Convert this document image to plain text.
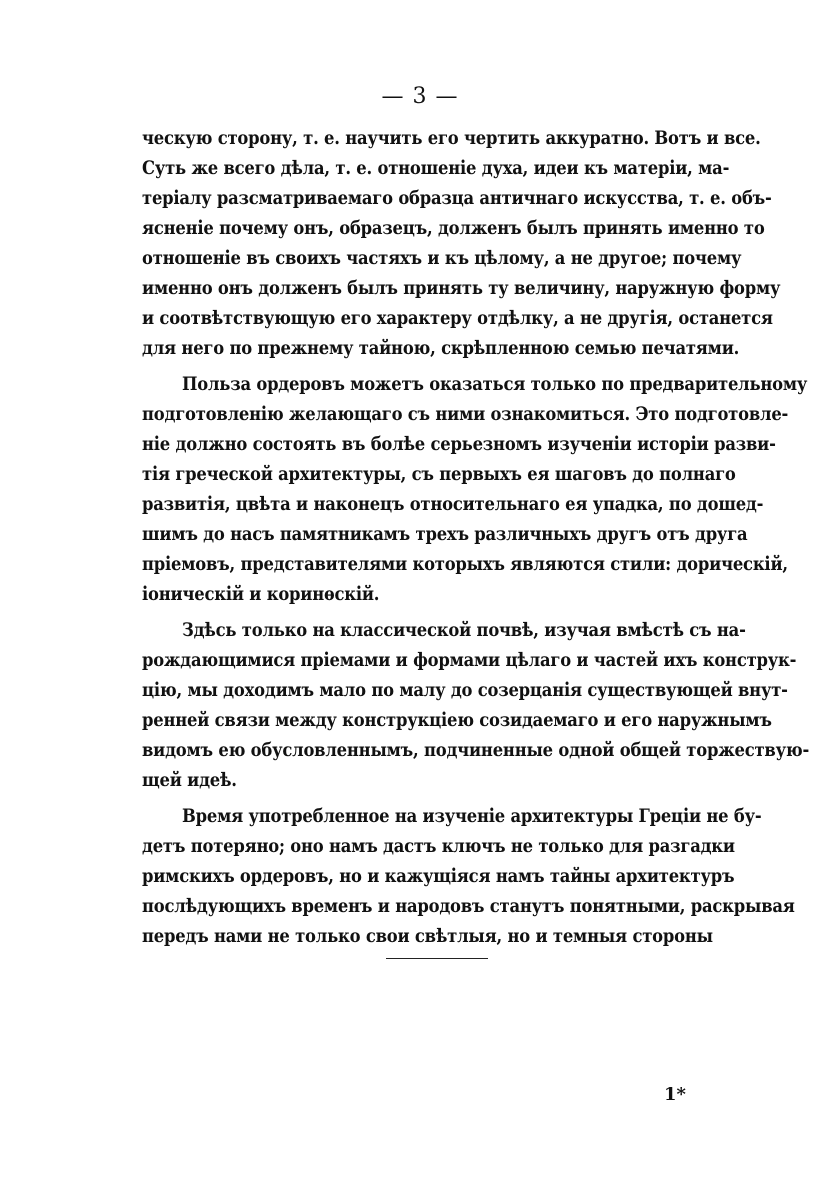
— 3 —
ческую сторону, т. е. научить его чертить аккуратно. Вотъ и все.
Суть же всего дѣла, т. е. отношеніе духа, идеи къ матеріи, ма-
теріалу разсматриваемаго образца античнаго искусства, т. е. объ-
ясненіе почему онъ, образецъ, долженъ былъ принять именно то
отношеніе въ своихъ частяхъ и къ цѣлому, а не другое; почему
именно онъ долженъ былъ принять ту величину, наружную форму
и соотвѣтствующую его характеру отдѣлку, а не другія, останется
для него по прежнему тайною, скрѣпленною семью печатями.
Польза ордеровъ можетъ оказаться только по предварительному
подготовленію желающаго съ ними ознакомиться. Это подготовле-
ніе должно состоять въ болѣе серьезномъ изученіи исторіи разви-
тія греческой архитектуры, съ первыхъ ея шаговъ до полнаго
развитія, цвѣта и наконецъ относительнаго ея упадка, по дошед-
шимъ до насъ памятникамъ трехъ различныхъ другъ отъ друга
пріемовъ, представителями которыхъ являются стили: дорическій,
іоническій и коринѳскій.
Здѣсь только на классической почвѣ, изучая вмѣстѣ съ на-
рождающимися пріемами и формами цѣлаго и частей ихъ конструк-
цію, мы доходимъ мало по малу до созерцанія существующей внут-
ренней связи между конструкціею созидаемаго и его наружнымъ
видомъ ею обусловленнымъ, подчиненные одной общей торжествую-
щей идеѣ.
Время употребленное на изученіе архитектуры Греціи не бу-
детъ потеряно; оно намъ дастъ ключъ не только для разгадки
римскихъ ордеровъ, но и кажущіяся намъ тайны архитектуръ
послѣдующихъ временъ и народовъ станутъ понятными, раскрывая
передъ нами не только свои свѣтлыя, но и темныя стороны
1*
